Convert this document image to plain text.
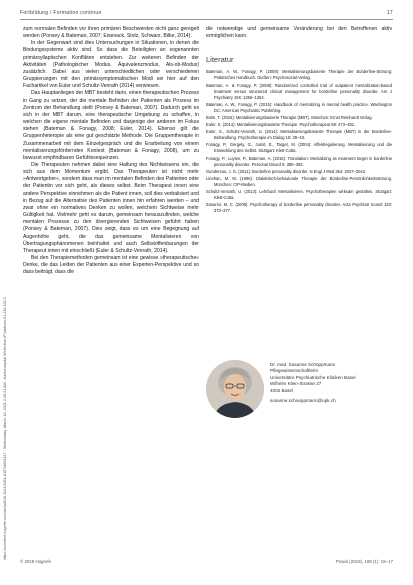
https://econtent.hogrefe.com/doi/pdf/10.1024/1661-8157/a003147 - Wednesday, March 10, 2021 2:39:21 AM - Kantonsspital Winterthur IP Address:91.230.152.3
Fortbildung / Formation continue	17

zum normalen Befinden vor ihren primären Beschwerden nicht ganz geregelt werden (Ponsey & Bateman, 2007; Eisenack, Stolz, Schwarz, Bilke, 2014).

In der Gegenwart sind dies Untersuchungen in Situationen, in denen die Bindungssysteme aktiv sind. So dass die Beteiligten an sogenannten primärsyllaptischen Konflikten entstehen. Zur weiteren Befinden der Aktivitäten (Pathologischer Modus, Äquivalenzmodus, Als-ob-Modus) zusätzlich. Dabei aus vielen unterschiedlichen oder verschiedenen Gruppierungen mit den primärsymptomatischen Modi sei hier auf den Fachartikel von Euler und Schultz-Venrath (2014) verwiesen.

Das Hauptanliegen der MBT besteht darin, einen therapeutischen Prozess in Gang zu setzen, der die mentale Befinden der Patienten als Prozess im Zentrum der Behandlung stellt (Ponsey & Bateman, 2007). Dadurch geht es sich in der MBT darum, eine therapeutische Umgebung zu schaffen, in welchen die eigene mentale Befinden und dasjenige der anderen im Fokus stehen (Bateman & Fonagy, 2008; Euler, 2014). Ebenso gilt die Gruppenheteropie als eine gut geschätzte Methode. Die Gruppentherapie in Zusammenarbeit mit dem Einzelgespräch und die Erarbeitung von einem mentalisierungsfördernden Kontext (Bateman & Fonagy, 2008), um zu bewusst empfindbaren Gefühlssequenzen.

Die Therapeuten nehmen dabei eine Haltung des Nichtwissens ein, die sich aus dem Momentum ergibt. Das Therapeuten ist nicht mehr »Antwortgeber«, sondern dass man im mentalen Befinden des Patienten oder der Patientin vor sich geht, als dieses selbst. Beim Therapeut innen eine andere Perspektive einnehmen als die Patient innen, soll dies verbalisiert und in Bezug auf die Alternative des Patienten innen hin erfahren werden – und zwar ohne ein normatives Denken zu wollen, welchem Sichtweise mehr Gültigkeit hat. Vielmehr geht es darum, gemeinsam herauszufinden, welche mentalen Prozesse zu den divergierenden Sichtweisen geführt haben (Ponsey & Bateman, 2007). Dies zeigt, dass es um eine Begegnung auf Augenhöhe geht, die das gemeinsame Mentalisieren von Übertragungsphänomenen beinhaltet und auch Selbstoffenbarungen der Therapeut innen mit einschließt (Euler & Schultz-Venrath, 2014).

Bei den Therapiemethoden gemeinsam ist eine gewisse »therapeutische« Denke, die das Leiden der Patienten aus einer Experten-Perspektive und so dass beiträgt, dass die

die notwendige und gemeinsame Veränderung bei den Betroffenen aktiv ermöglichen kann.

Literatur

Bateman, A. W., Fonagy, P. (2008): Mentalisierungsbasierte Therapie der Borderline-Störung: Praktisches Handbuch. Gießen: Psychosozial-Verlag.

Bateman, A. & Fonagy, P. (2009): Randomized controlled trial of outpatient mentalization-based treatment versus structured clinical management for borderline personality disorder. Am J Psychiatry 166: 1355–1364.

Bateman, A. W., Fonagy, P. (2015): Handbook of mentalizing in mental health practice. Washington DC: American Psychiatric Publishing.

Bolm, T. (2015): Mentalisierungsbasierte Therapie (MBT). München: Ernst Reinhardt Verlag.

Euler, S. (2014): Mentalisierungsbasierte Therapie. Psychotherapeut 59: 473–481.

Euler, S., Schultz-Venrath, U. (2014): Mentalisierungsbasierte Therapie (MBT) in der Borderline-Behandlung. Psychotherapie im Dialog 15: 38–43.

Fonagy, P., Gergely, G., Jurist, E., Target, M. (2004): Affektregulierung, Mentalisierung und die Entwicklung des Selbst. Stuttgart: Klett-Cotta.

Fonagy, P., Luyten, P., Bateman, A. (2015): Translation: Mentalizing as treatment target in borderline personality disorder. Personal Disord 6: 380–392.

Gunderson, J. G. (2011): Borderline personality disorder. N Engl J Med 364: 2037–2042.

Linehan, M. M. (1996): Dialektisch-behaviorale Therapie der Borderline-Persönlichkeitsstörung. München: CIP-Medien.

Schultz-Venrath, U. (2013): Lehrbuch Mentalisieren. Psychotherapien wirksam gestalten. Stuttgart: Klett-Cotta.

Zanarini, M. C. (2009): Psychotherapy of borderline personality disorder. Acta Psychiatr Scand 120: 373–377.

Dr. med. Susanne Schöppmann
Pflegewissenschaftlerin
Universitäre Psychiatrische Kliniken Basel
Wilhelm Klein-Strasse 27
4002 Basel
susanne.schoeppmann@upk.ch
© 2019 Hogrefe	Praxis (2019), 108 (1): 15–17
